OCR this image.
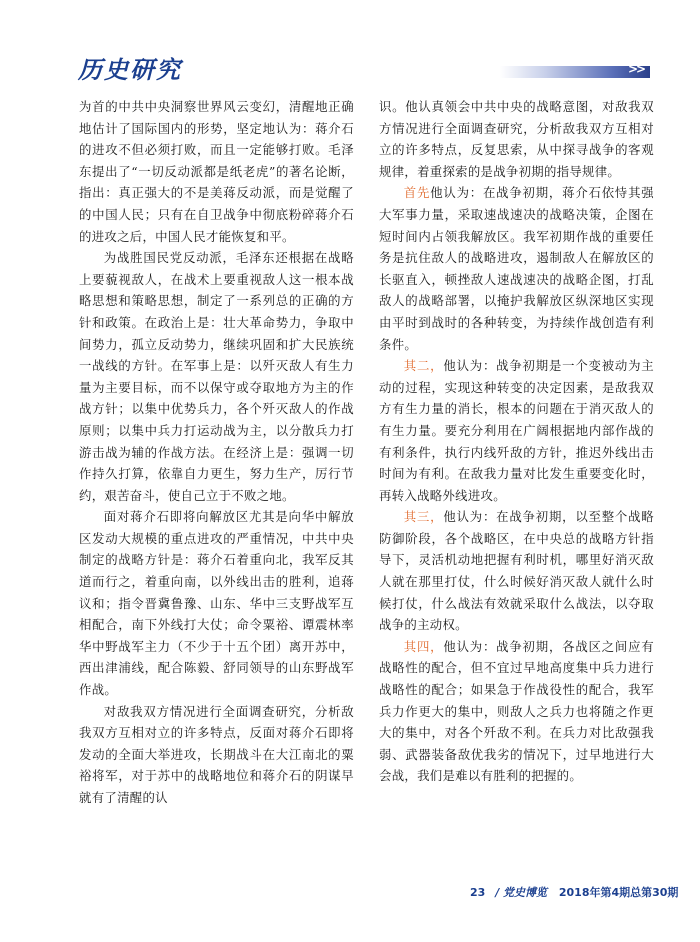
历史研究	>>

为首的中共中央洞察世界风云变幻，清醒地正确地估计了国际国内的形势，坚定地认为：蒋介石的进攻不但必须打败，而且一定能够打败。毛泽东提出了“一切反动派都是纸老虎”的著名论断，指出：真正强大的不是美蒋反动派，而是觉醒了的中国人民；只有在自卫战争中彻底粉碎蒋介石的进攻之后，中国人民才能恢复和平。

为战胜国民党反动派，毛泽东还根据在战略上要藐视敌人，在战术上要重视敌人这一根本战略思想和策略思想，制定了一系列总的正确的方针和政策。在政治上是：壮大革命势力，争取中间势力，孤立反动势力，继续巩固和扩大民族统一战线的方针。在军事上是：以歼灭敌人有生力量为主要目标，而不以保守或夺取地方为主的作战方针；以集中优势兵力，各个歼灭敌人的作战原则；以集中兵力打运动战为主，以分散兵力打游击战为辅的作战方法。在经济上是：强调一切作持久打算，依靠自力更生，努力生产，厉行节约，艰苦奋斗，使自己立于不败之地。

面对蒋介石即将向解放区尤其是向华中解放区发动大规模的重点进攻的严重情况，中共中央制定的战略方针是：蒋介石着重向北，我军反其道而行之，着重向南，以外线出击的胜利，追蒋议和；指令晋冀鲁豫、山东、华中三支野战军互相配合，南下外线打大仗；命令粟裕、谭震林率华中野战军主力（不少于十五个团）离开苏中，西出津浦线，配合陈毅、舒同领导的山东野战军作战。

对敌我双方情况进行全面调查研究，分析敌我双方互相对立的许多特点，反面对蒋介石即将发动的全面大举进攻，长期战斗在大江南北的粟裕将军，对于苏中的战略地位和蒋介石的阴谋早就有了清醒的认

识。他认真领会中共中央的战略意图，对敌我双方情况进行全面调查研究，分析敌我双方互相对立的许多特点，反复思索，从中探寻战争的客观规律，着重探索的是战争初期的指导规律。

首先他认为：在战争初期，蒋介石依恃其强大军事力量，采取速战速决的战略决策，企图在短时间内占领我解放区。我军初期作战的重要任务是抗住敌人的战略进攻，遏制敌人在解放区的长驱直入，顿挫敌人速战速决的战略企图，打乱敌人的战略部署，以掩护我解放区纵深地区实现由平时到战时的各种转变，为持续作战创造有利条件。

其二，他认为：战争初期是一个变被动为主动的过程，实现这种转变的决定因素，是敌我双方有生力量的消长，根本的问题在于消灭敌人的有生力量。要充分利用在广阔根据地内部作战的有利条件，执行内线歼敌的方针，推迟外线出击时间为有利。在敌我力量对比发生重要变化时，再转入战略外线进攻。

其三，他认为：在战争初期，以至整个战略防御阶段，各个战略区，在中央总的战略方针指导下，灵活机动地把握有利时机，哪里好消灭敌人就在那里打仗，什么时候好消灭敌人就什么时候打仗，什么战法有效就采取什么战法，以夺取战争的主动权。

其四，他认为：战争初期，各战区之间应有战略性的配合，但不宜过早地高度集中兵力进行战略性的配合；如果急于作战役性的配合，我军兵力作更大的集中，则敌人之兵力也将随之作更大的集中，对各个歼敌不利。在兵力对比敌强我弱、武器装备敌优我劣的情况下，过早地进行大会战，我们是难以有胜利的把握的。

23 / 党史博览 2018年第4期总第30期
